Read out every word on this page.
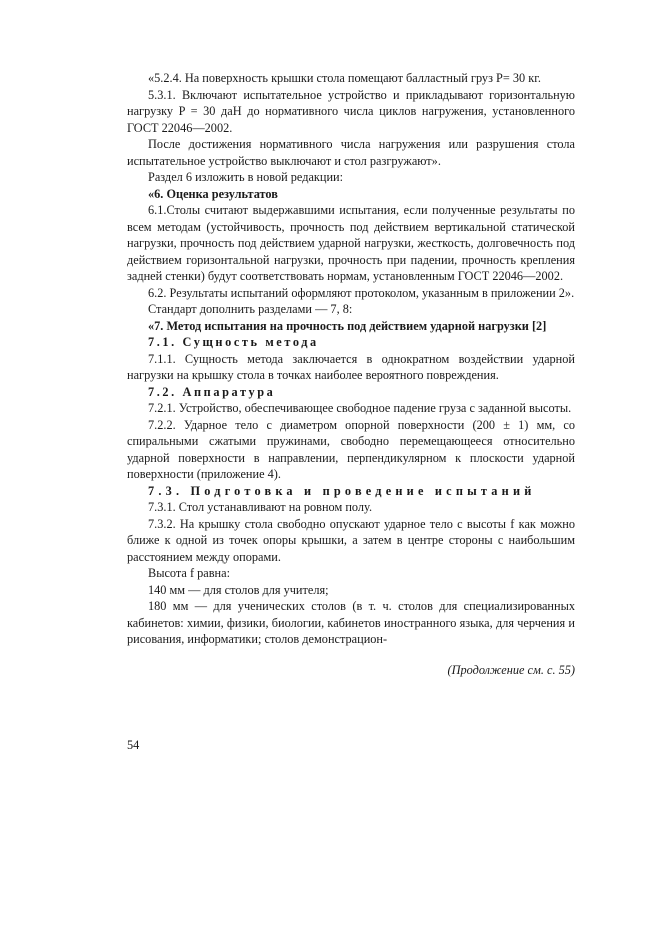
«5.2.4. На поверхность крышки стола помещают балластный груз P= 30 кг.

5.3.1. Включают испытательное устройство и прикладывают горизонтальную нагрузку P = 30 даН до нормативного числа циклов нагружения, установленного ГОСТ 22046—2002.

После достижения нормативного числа нагружения или разрушения стола испытательное устройство выключают и стол разгружают».

Раздел 6 изложить в новой редакции:

«6. Оценка результатов

6.1.Столы считают выдержавшими испытания, если полученные результаты по всем методам (устойчивость, прочность под действием вертикальной статической нагрузки, прочность под действием ударной нагрузки, жесткость, долговечность под действием горизонтальной нагрузки, прочность при падении, прочность крепления задней стенки) будут соответствовать нормам, установленным ГОСТ 22046—2002.

6.2. Результаты испытаний оформляют протоколом, указанным в приложении 2».

Стандарт дополнить разделами — 7, 8:

«7. Метод испытания на прочность под действием ударной нагрузки [2]

7.1. Сущность метода

7.1.1. Сущность метода заключается в однократном воздействии ударной нагрузки на крышку стола в точках наиболее вероятного повреждения.

7.2. Аппаратура

7.2.1. Устройство, обеспечивающее свободное падение груза с заданной высоты.

7.2.2. Ударное тело с диаметром опорной поверхности (200 ± 1) мм, со спиральными сжатыми пружинами, свободно перемещающееся относительно ударной поверхности в направлении, перпендикулярном к плоскости ударной поверхности (приложение 4).

7.3. Подготовка и проведение испытаний

7.3.1. Стол устанавливают на ровном полу.

7.3.2. На крышку стола свободно опускают ударное тело с высоты f как можно ближе к одной из точек опоры крышки, а затем в центре стороны с наибольшим расстоянием между опорами.

Высота f равна:

140 мм — для столов для учителя;

180 мм — для ученических столов (в т. ч. столов для специализированных кабинетов: химии, физики, биологии, кабинетов иностранного языка, для черчения и рисования, информатики; столов демонстрацион-

(Продолжение см. с. 55)

54
